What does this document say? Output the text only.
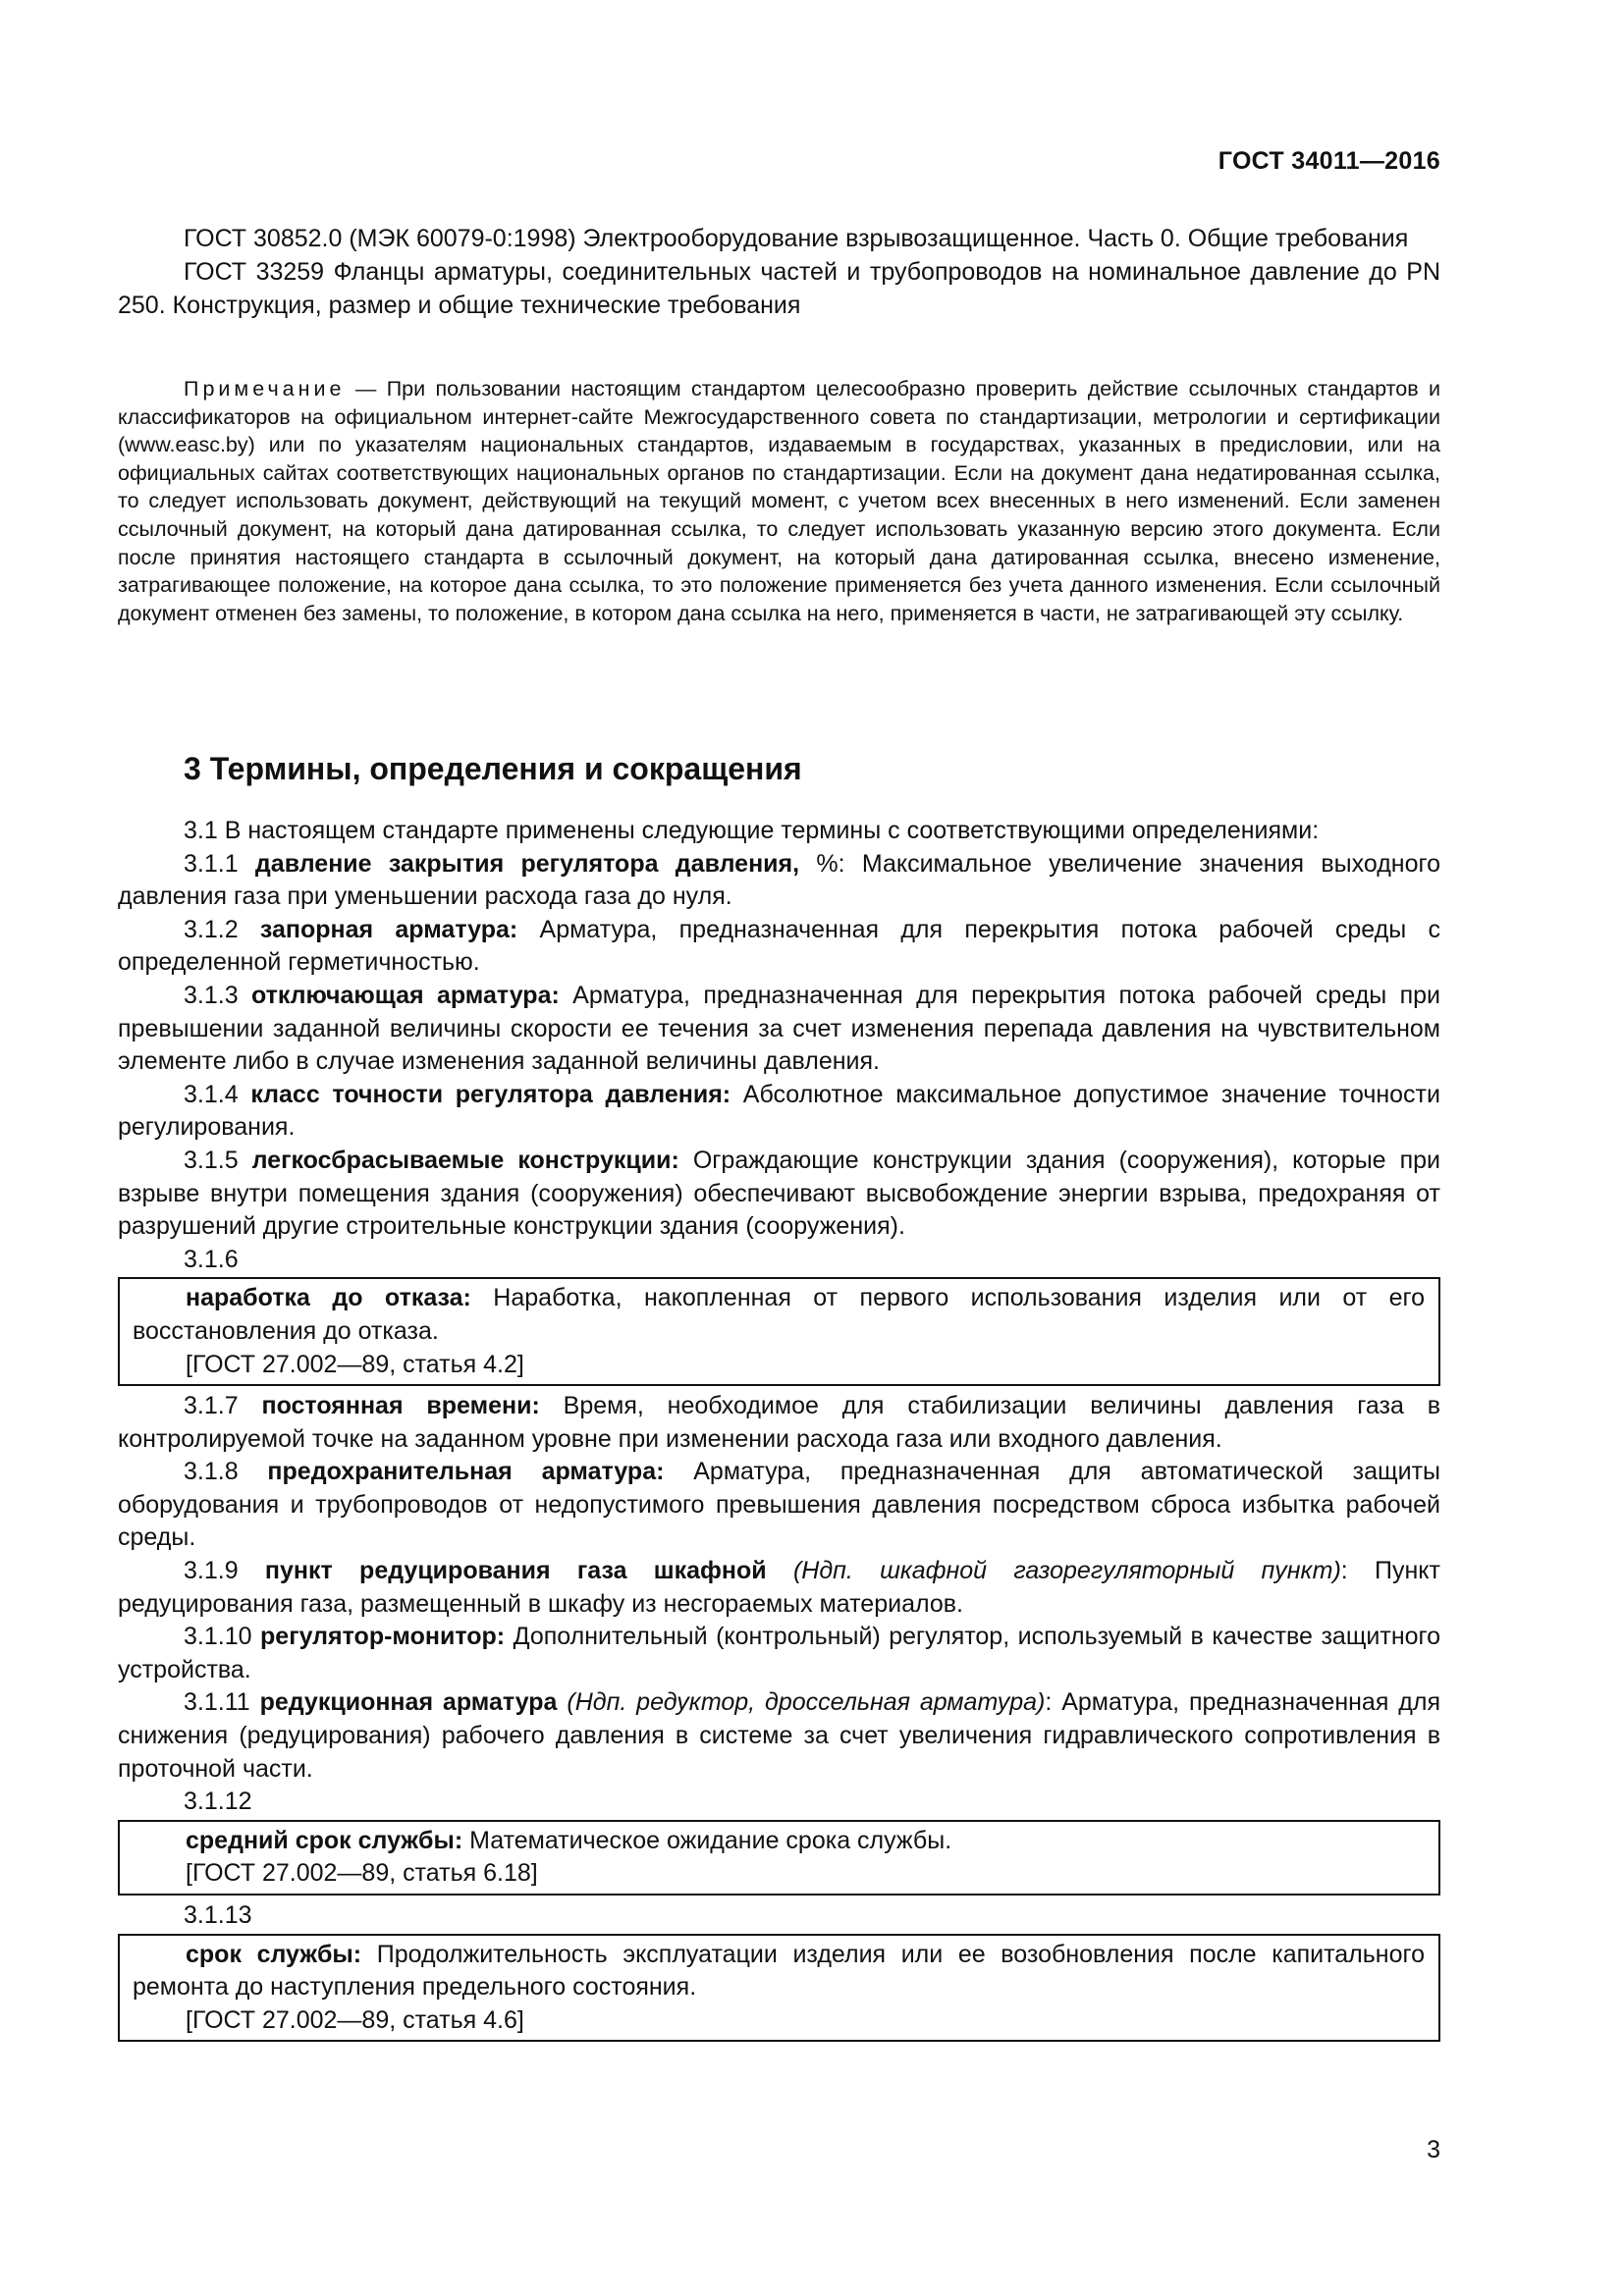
ГОСТ 34011—2016

ГОСТ 30852.0 (МЭК 60079-0:1998) Электрооборудование взрывозащищенное. Часть 0. Общие требования

ГОСТ 33259 Фланцы арматуры, соединительных частей и трубопроводов на номинальное давление до PN 250. Конструкция, размер и общие технические требования

Примечание — При пользовании настоящим стандартом целесообразно проверить действие ссылочных стандартов и классификаторов на официальном интернет-сайте Межгосударственного совета по стандартизации, метрологии и сертификации (www.easc.by) или по указателям национальных стандартов, издаваемым в государствах, указанных в предисловии, или на официальных сайтах соответствующих национальных органов по стандартизации. Если на документ дана недатированная ссылка, то следует использовать документ, действующий на текущий момент, с учетом всех внесенных в него изменений. Если заменен ссылочный документ, на который дана датированная ссылка, то следует использовать указанную версию этого документа. Если после принятия настоящего стандарта в ссылочный документ, на который дана датированная ссылка, внесено изменение, затрагивающее положение, на которое дана ссылка, то это положение применяется без учета данного изменения. Если ссылочный документ отменен без замены, то положение, в котором дана ссылка на него, применяется в части, не затрагивающей эту ссылку.
3 Термины, определения и сокращения

3.1 В настоящем стандарте применены следующие термины с соответствующими определениями:

3.1.1 давление закрытия регулятора давления, %: Максимальное увеличение значения выходного давления газа при уменьшении расхода газа до нуля.

3.1.2 запорная арматура: Арматура, предназначенная для перекрытия потока рабочей среды с определенной герметичностью.

3.1.3 отключающая арматура: Арматура, предназначенная для перекрытия потока рабочей среды при превышении заданной величины скорости ее течения за счет изменения перепада давления на чувствительном элементе либо в случае изменения заданной величины давления.

3.1.4 класс точности регулятора давления: Абсолютное максимальное допустимое значение точности регулирования.

3.1.5 легкосбрасываемые конструкции: Ограждающие конструкции здания (сооружения), которые при взрыве внутри помещения здания (сооружения) обеспечивают высвобождение энергии взрыва, предохраняя от разрушений другие строительные конструкции здания (сооружения).

3.1.6

наработка до отказа: Наработка, накопленная от первого использования изделия или от его восстановления до отказа.

[ГОСТ 27.002—89, статья 4.2]

3.1.7 постоянная времени: Время, необходимое для стабилизации величины давления газа в контролируемой точке на заданном уровне при изменении расхода газа или входного давления.

3.1.8 предохранительная арматура: Арматура, предназначенная для автоматической защиты оборудования и трубопроводов от недопустимого превышения давления посредством сброса избытка рабочей среды.

3.1.9 пункт редуцирования газа шкафной (Ндп. шкафной газорегуляторный пункт): Пункт редуцирования газа, размещенный в шкафу из несгораемых материалов.

3.1.10 регулятор-монитор: Дополнительный (контрольный) регулятор, используемый в качестве защитного устройства.

3.1.11 редукционная арматура (Ндп. редуктор, дроссельная арматура): Арматура, предназначенная для снижения (редуцирования) рабочего давления в системе за счет увеличения гидравлического сопротивления в проточной части.

3.1.12

средний срок службы: Математическое ожидание срока службы.

[ГОСТ 27.002—89, статья 6.18]

3.1.13

срок службы: Продолжительность эксплуатации изделия или ее возобновления после капитального ремонта до наступления предельного состояния.

[ГОСТ 27.002—89, статья 4.6]

3
